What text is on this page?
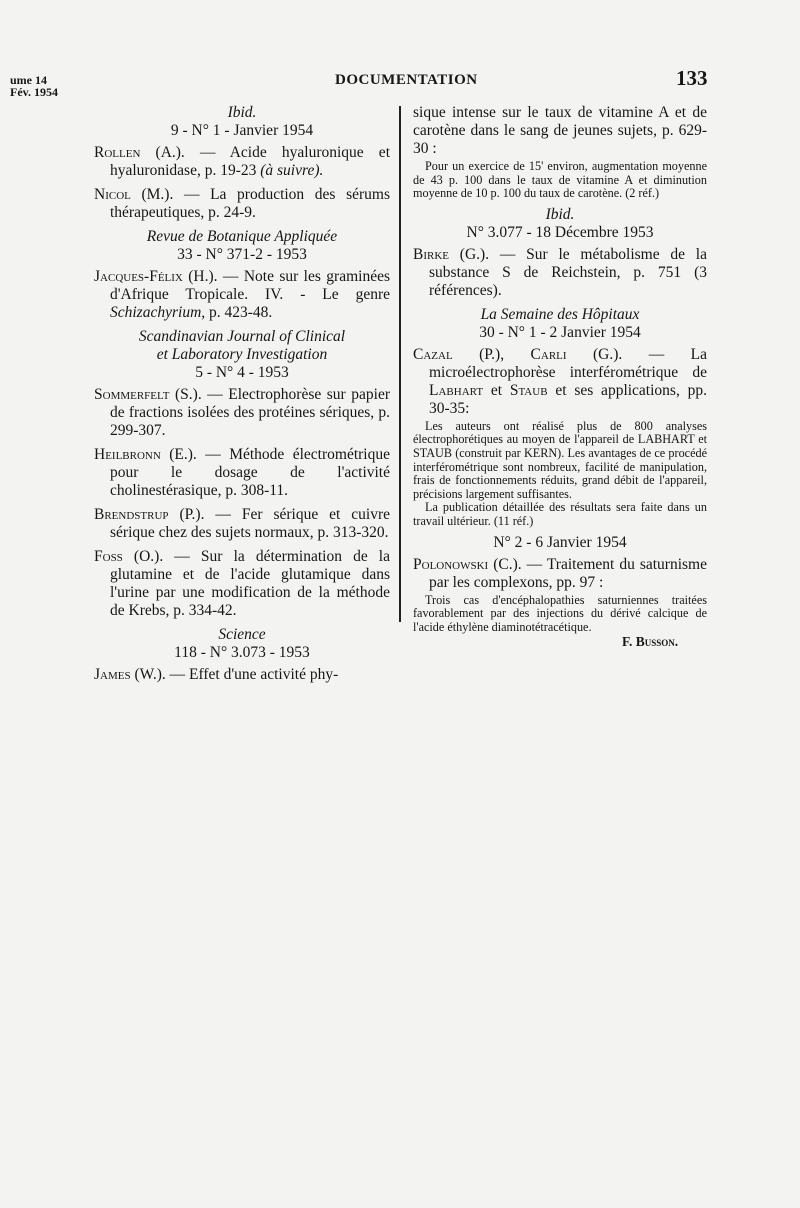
ume 14
Fév. 1954
DOCUMENTATION	133
Ibid.
9 - N° 1 - Janvier 1954

Rollen (A.). — Acide hyaluronique et hyaluronidase, p. 19-23 (à suivre).

Nicol (M.). — La production des sérums thérapeutiques, p. 24-9.

Revue de Botanique Appliquée
33 - N° 371-2 - 1953

Jacques-Félix (H.). — Note sur les graminées d'Afrique Tropicale. IV. - Le genre Schizachyrium, p. 423-48.

Scandinavian Journal of Clinical
et Laboratory Investigation
5 - N° 4 - 1953

Sommerfelt (S.). — Electrophorèse sur papier de fractions isolées des protéines sériques, p. 299-307.

Heilbronn (E.). — Méthode électrométrique pour le dosage de l'activité cholinestérasique, p. 308-11.

Brendstrup (P.). — Fer sérique et cuivre sérique chez des sujets normaux, p. 313-320.

Foss (O.). — Sur la détermination de la glutamine et de l'acide glutamique dans l'urine par une modification de la méthode de Krebs, p. 334-42.

Science
118 - N° 3.073 - 1953

James (W.). — Effet d'une activité phy-

sique intense sur le taux de vitamine A et de carotène dans le sang de jeunes sujets, p. 629-30 :

Pour un exercice de 15' environ, augmentation moyenne de 43 p. 100 dans le taux de vitamine A et diminution moyenne de 10 p. 100 du taux de carotène. (2 réf.)

Ibid.
N° 3.077 - 18 Décembre 1953

Birke (G.). — Sur le métabolisme de la substance S de Reichstein, p. 751 (3 références).

La Semaine des Hôpitaux
30 - N° 1 - 2 Janvier 1954

Cazal (P.), Carli (G.). — La microélectrophorèse interférométrique de Labhart et Staub et ses applications, pp. 30-35:

Les auteurs ont réalisé plus de 800 analyses électrophorétiques au moyen de l'appareil de LABHART et STAUB (construit par KERN). Les avantages de ce procédé interférométrique sont nombreux, facilité de manipulation, frais de fonctionnements réduits, grand débit de l'appareil, précisions largement suffisantes.

La publication détaillée des résultats sera faite dans un travail ultérieur. (11 réf.)

N° 2 - 6 Janvier 1954

Polonowski (C.). — Traitement du saturnisme par les complexons, pp. 97 :

Trois cas d'encéphalopathies saturniennes traitées favorablement par des injections du dérivé calcique de l'acide éthylène diaminotétracétique.

F. Busson.
